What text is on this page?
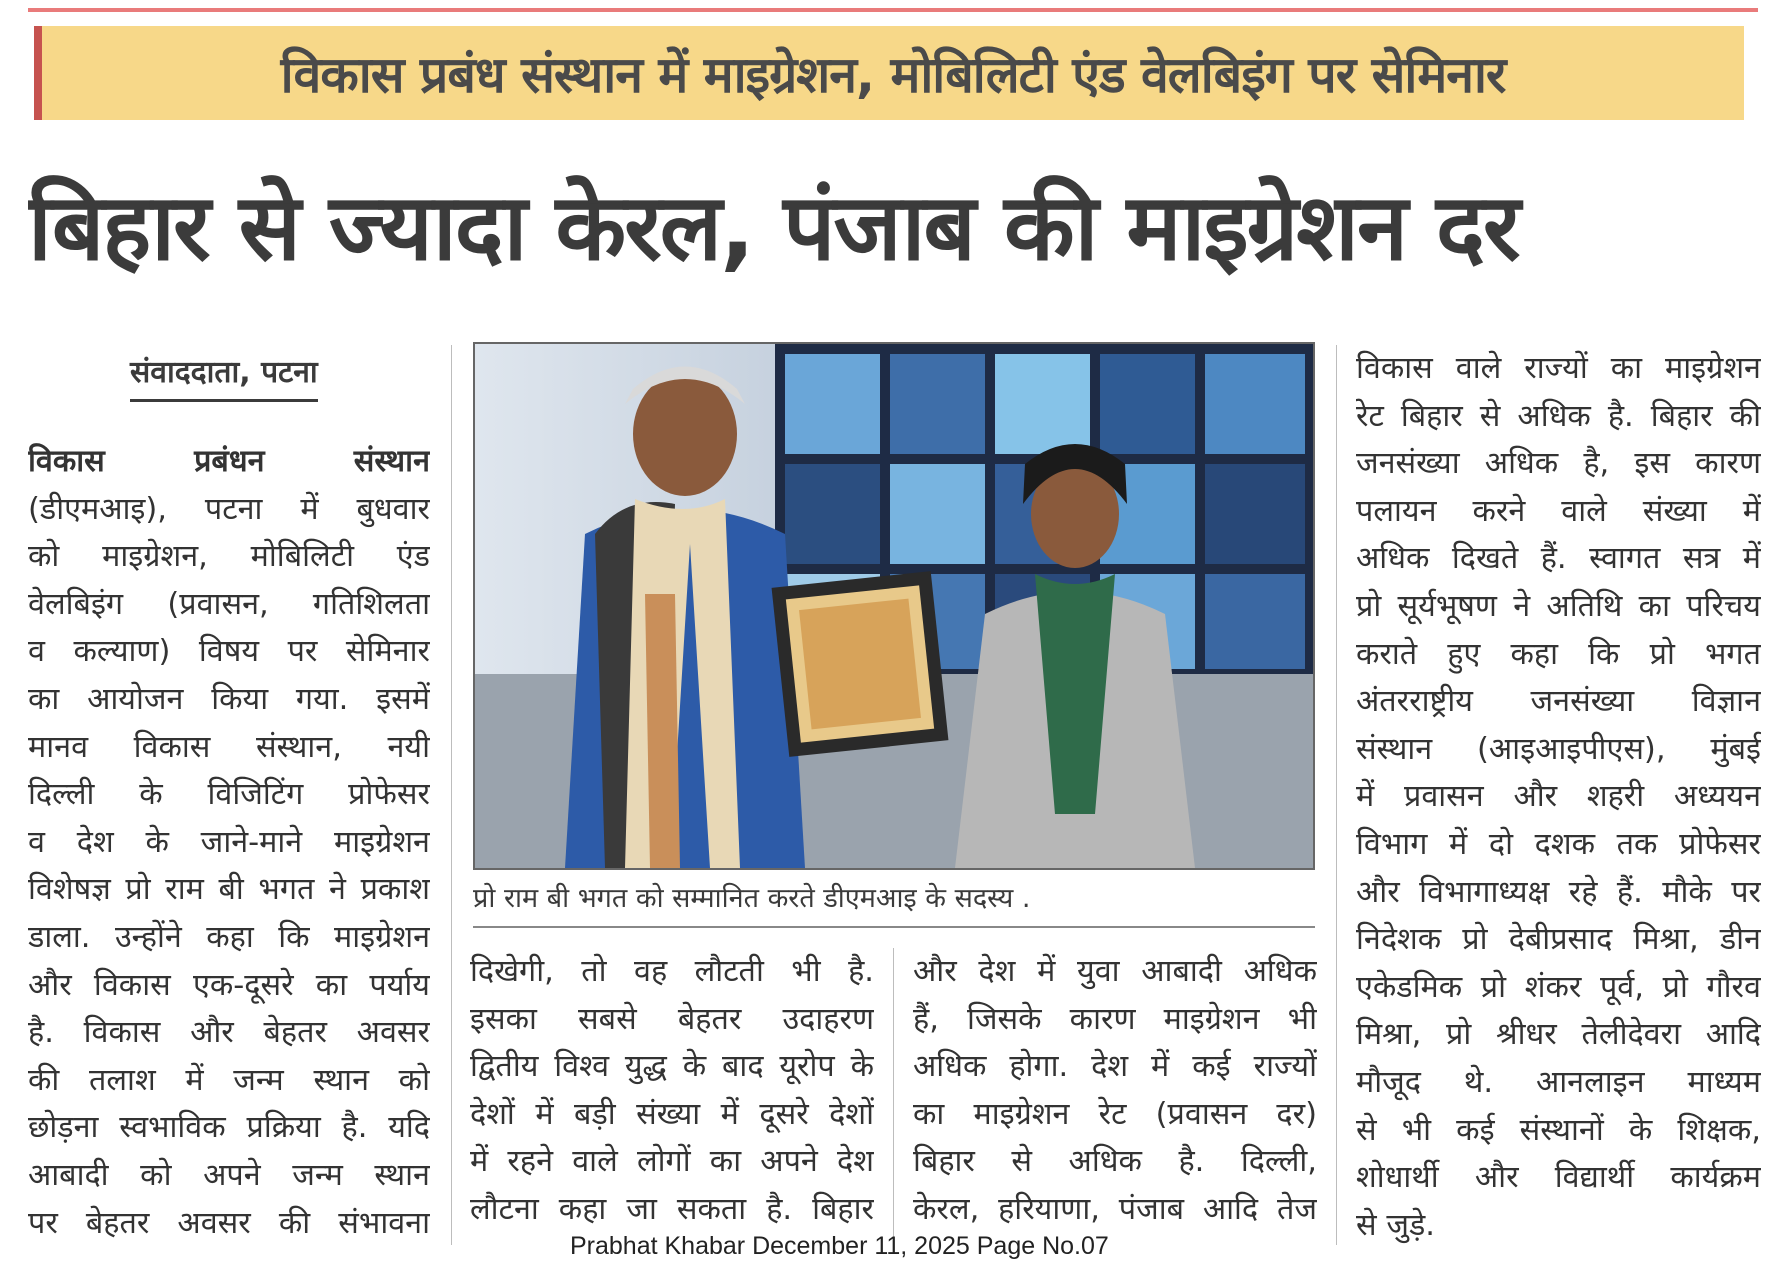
विकास प्रबंध संस्थान में माइग्रेशन, मोबिलिटी एंड वेलबिइंग पर सेमिनार
बिहार से ज्यादा केरल, पंजाब की माइग्रेशन दर
संवाददाता, पटना
विकास प्रबंधन संस्थान
(डीएमआइ), पटना में बुधवार
को माइग्रेशन, मोबिलिटी एंड
वेलबिइंग (प्रवासन, गतिशिलता
व कल्याण) विषय पर सेमिनार
का आयोजन किया गया. इसमें
मानव विकास संस्थान, नयी
दिल्ली के विजिटिंग प्रोफेसर
व देश के जाने-माने माइग्रेशन
विशेषज्ञ प्रो राम बी भगत ने प्रकाश
डाला. उन्होंने कहा कि माइग्रेशन
और विकास एक-दूसरे का पर्याय
है. विकास और बेहतर अवसर
की तलाश में जन्म स्थान को
छोड़ना स्वभाविक प्रक्रिया है. यदि
आबादी को अपने जन्म स्थान
पर बेहतर अवसर की संभावना
प्रो राम बी भगत को सम्मानित करते डीएमआइ के सदस्य .
दिखेगी, तो वह लौटती भी है.
इसका सबसे बेहतर उदाहरण
द्वितीय विश्व युद्ध के बाद यूरोप के
देशों में बड़ी संख्या में दूसरे देशों
में रहने वाले लोगों का अपने देश
लौटना कहा जा सकता है. बिहार
और देश में युवा आबादी अधिक
हैं, जिसके कारण माइग्रेशन भी
अधिक होगा. देश में कई राज्यों
का माइग्रेशन रेट (प्रवासन दर)
बिहार से अधिक है. दिल्ली,
केरल, हरियाणा, पंजाब आदि तेज
विकास वाले राज्यों का माइग्रेशन
रेट बिहार से अधिक है. बिहार की
जनसंख्या अधिक है, इस कारण
पलायन करने वाले संख्या में
अधिक दिखते हैं. स्वागत सत्र में
प्रो सूर्यभूषण ने अतिथि का परिचय
कराते हुए कहा कि प्रो भगत
अंतरराष्ट्रीय जनसंख्या विज्ञान
संस्थान (आइआइपीएस), मुंबई
में प्रवासन और शहरी अध्ययन
विभाग में दो दशक तक प्रोफेसर
और विभागाध्यक्ष रहे हैं. मौके पर
निदेशक प्रो देबीप्रसाद मिश्रा, डीन
एकेडमिक प्रो शंकर पूर्व, प्रो गौरव
मिश्रा, प्रो श्रीधर तेलीदेवरा आदि
मौजूद थे. आनलाइन माध्यम
से भी कई संस्थानों के शिक्षक,
शोधार्थी और विद्यार्थी कार्यक्रम
से जुड़े.
Prabhat Khabar December 11, 2025 Page No.07
